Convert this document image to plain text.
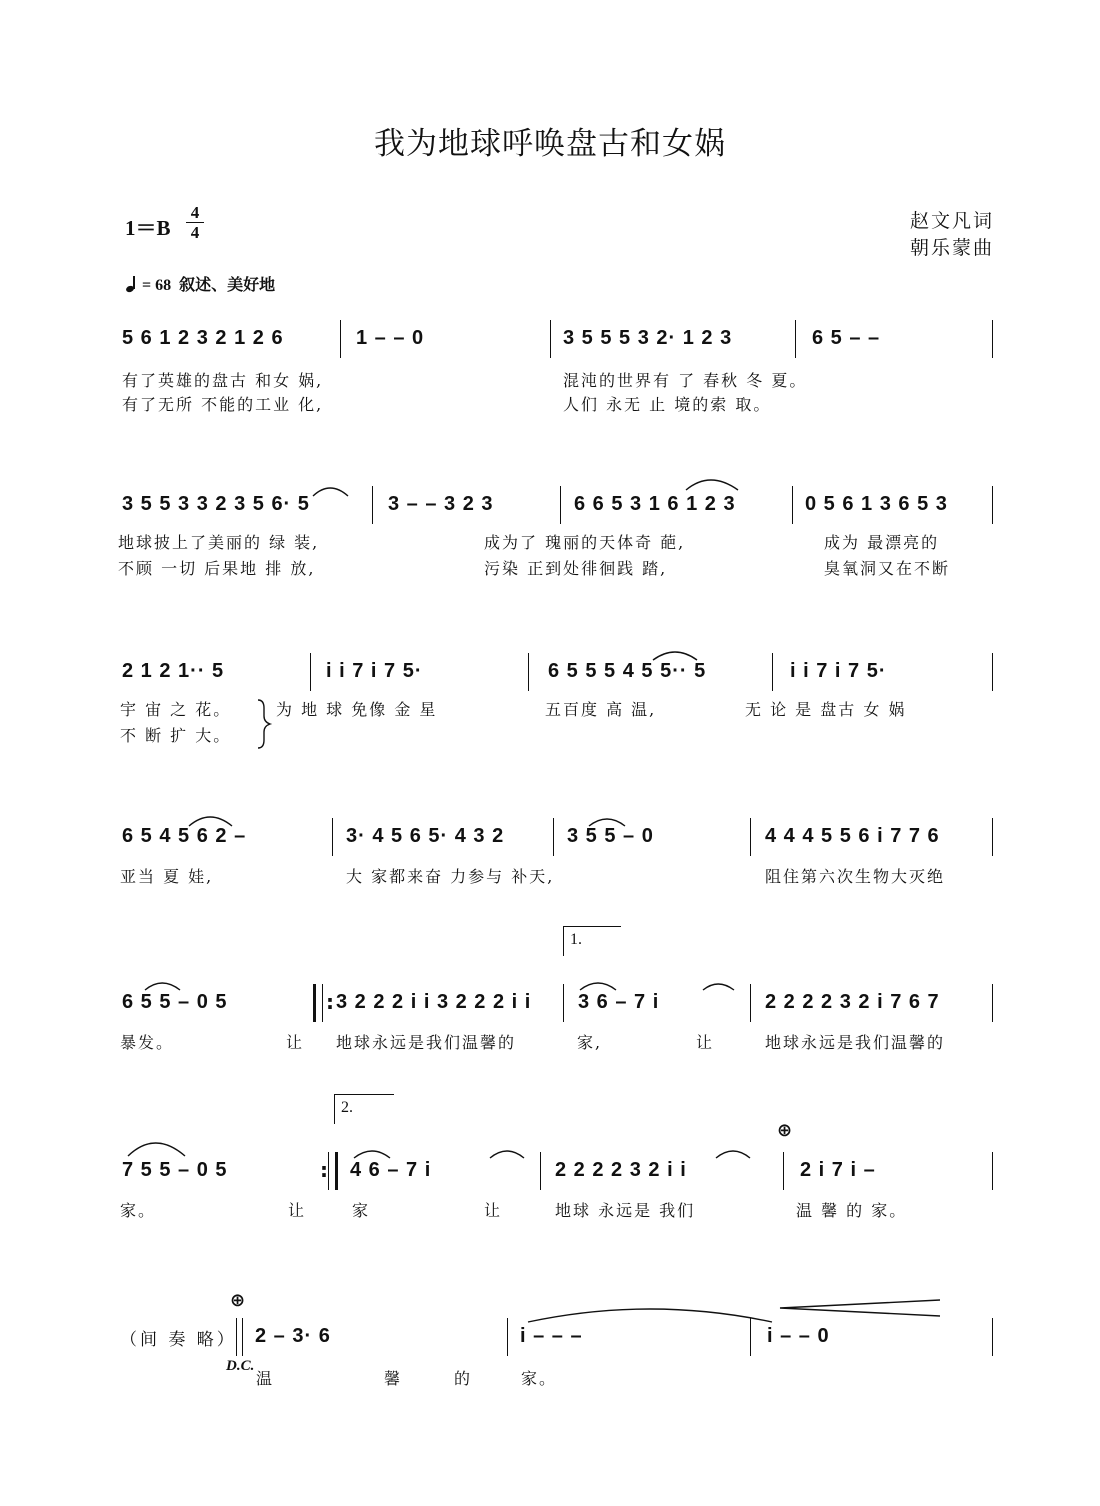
我为地球呼唤盘古和女娲
1＝B
4
4
赵文凡词
朝乐蒙曲
= 68 叙述、美好地
5 6 1 2 3 2 1 2 6	1 – – 0	3 5 5 5 3 2· 1 2 3	6 5 – –
有了英雄的盘古 和女 娲,	混沌的世界有 了 春秋 冬 夏。
有了无所 不能的工业 化,	人们 永无 止 境的索 取。
3 5 5 3 3 2 3 5 6· 5	3 – – 3 2 3	6 6 5 3 1 6 1 2 3	0 5 6 1 3 6 5 3
地球披上了美丽的 绿 装,	成为了 瑰丽的天体奇 葩,	成为 最漂亮的
不顾 一切 后果地 排 放,	污染 正到处徘徊践 踏,	臭氧洞又在不断
2 1 2 1·· 5	i i 7 i 7 5·	6 5 5 5 4 5 5·· 5	i i 7 i 7 5·
宇 宙 之 花。	为 地 球 免像 金 星	五百度 高 温,	无 论 是 盘古 女 娲
不 断 扩 大。
6 5 4 5 6 2 –	3· 4 5 6 5· 4 3 2	3 5 5 – 0	4 4 4 5 5 6 i 7 7 6
亚当 夏 娃,	大 家都来奋 力参与 补天,	阻住第六次生物大灭绝
1.
6 5 5 – 0 5 :	3 2 2 2 i i 3 2 2 2 i i 3 6 – 7 i	2 2 2 2 3 2 i 7 6 7
暴发。	让 地球永远是我们温馨的	家,	让	地球永远是我们温馨的
2.
7 5 5 – 0 5 :	4 6 – 7 i	2 2 2 2 3 2 i i	2 i 7 i –
⊕
家。	让	家	让	地球 永远是 我们	温 馨 的 家。
（间 奏 略）
⊕
2 – 3· 6	i – – –	i – – 0
D.C.
温	馨	的	家。
